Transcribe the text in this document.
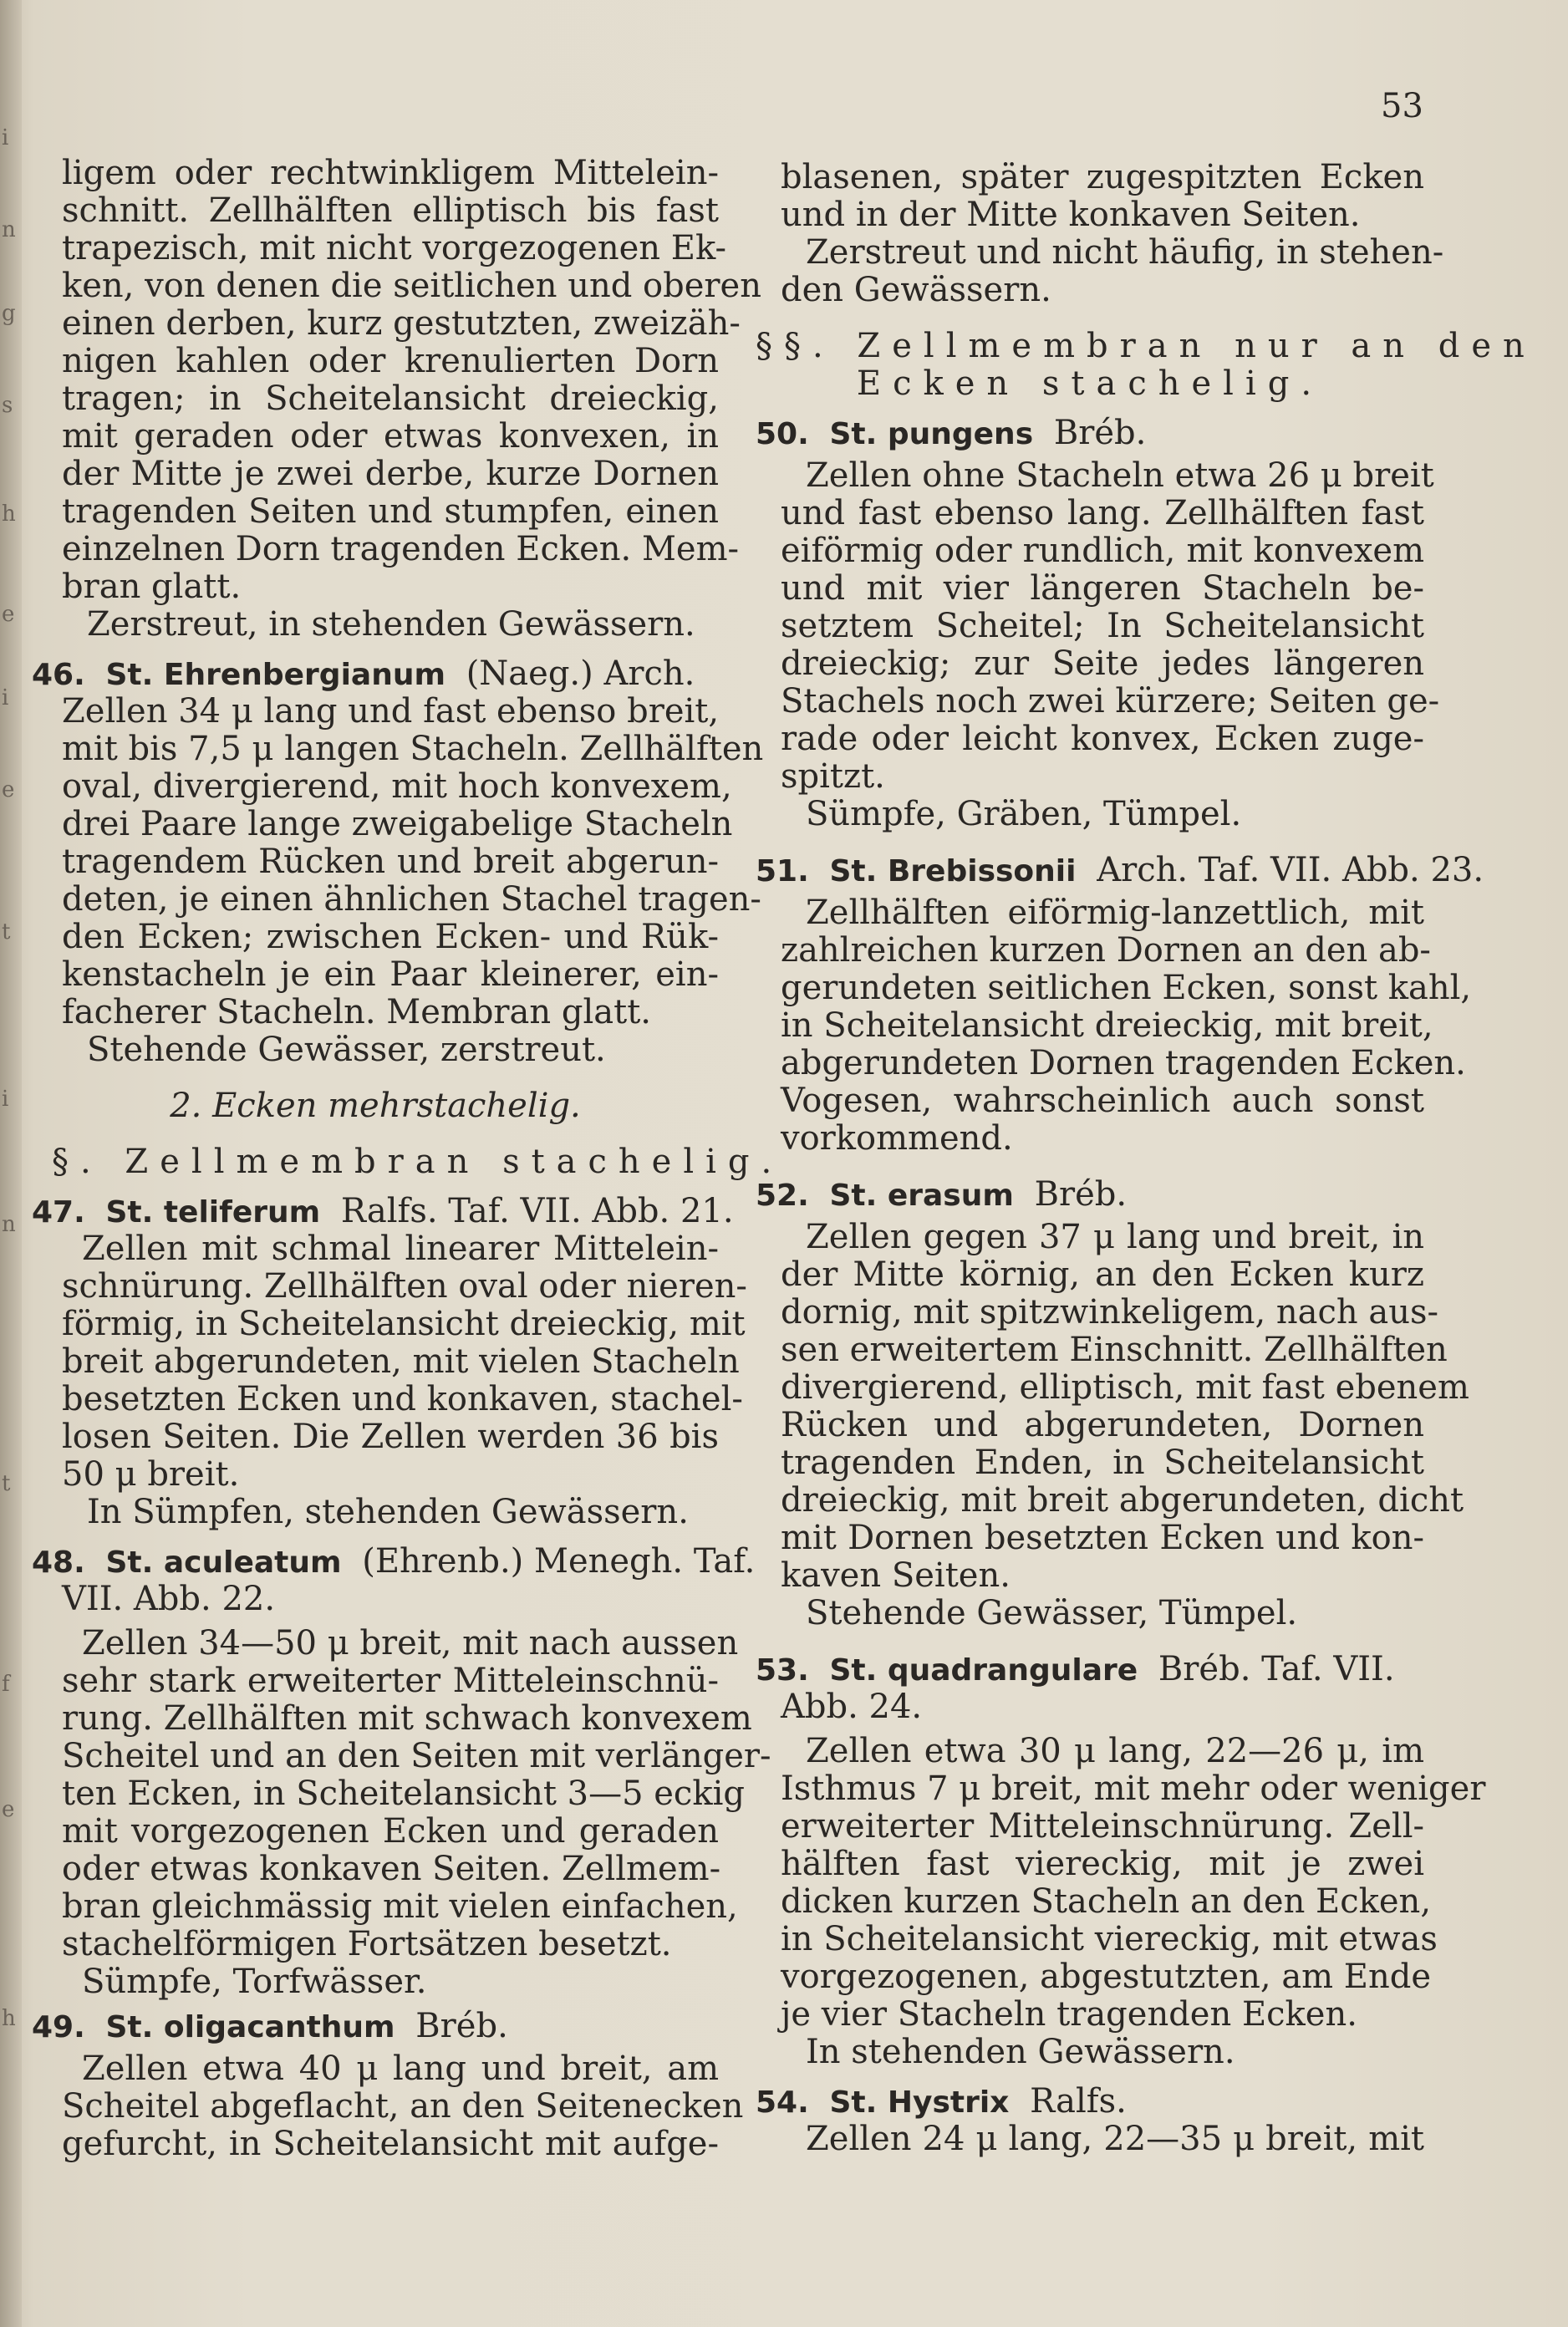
i
n
g
s
h
e
i
e
t
i
n
t
f
e
h
53
ligem oder rechtwinkligem Mittelein-
schnitt. Zellhälften elliptisch bis fast
trapezisch, mit nicht vorgezogenen Ek-
ken, von denen die seitlichen und oberen
einen derben, kurz gestutzten, zweizäh-
nigen kahlen oder krenulierten Dorn
tragen; in Scheitelansicht dreieckig,
mit geraden oder etwas konvexen, in
der Mitte je zwei derbe, kurze Dornen
tragenden Seiten und stumpfen, einen
einzelnen Dorn tragenden Ecken. Mem-
bran glatt.
Zerstreut, in stehenden Gewässern.
46. St. Ehrenbergianum (Naeg.) Arch.
Zellen 34 μ lang und fast ebenso breit,
mit bis 7,5 μ langen Stacheln. Zellhälften
oval, divergierend, mit hoch konvexem,
drei Paare lange zweigabelige Stacheln
tragendem Rücken und breit abgerun-
deten, je einen ähnlichen Stachel tragen-
den Ecken; zwischen Ecken- und Rük-
kenstacheln je ein Paar kleinerer, ein-
facherer Stacheln. Membran glatt.
Stehende Gewässer, zerstreut.
2. Ecken mehrstachelig.
§. Zellmembran stachelig.
47. St. teliferum Ralfs. Taf. VII. Abb. 21.
Zellen mit schmal linearer Mittelein-
schnürung. Zellhälften oval oder nieren-
förmig, in Scheitelansicht dreieckig, mit
breit abgerundeten, mit vielen Stacheln
besetzten Ecken und konkaven, stachel-
losen Seiten. Die Zellen werden 36 bis
50 μ breit.
In Sümpfen, stehenden Gewässern.
48. St. aculeatum (Ehrenb.) Menegh. Taf.
VII. Abb. 22.
Zellen 34—50 μ breit, mit nach aussen
sehr stark erweiterter Mitteleinschnü-
rung. Zellhälften mit schwach konvexem
Scheitel und an den Seiten mit verlänger-
ten Ecken, in Scheitelansicht 3—5 eckig
mit vorgezogenen Ecken und geraden
oder etwas konkaven Seiten. Zellmem-
bran gleichmässig mit vielen einfachen,
stachelförmigen Fortsätzen besetzt.
Sümpfe, Torfwässer.
49. St. oligacanthum Bréb.
Zellen etwa 40 μ lang und breit, am
Scheitel abgeflacht, an den Seitenecken
gefurcht, in Scheitelansicht mit aufge-
blasenen, später zugespitzten Ecken
und in der Mitte konkaven Seiten.
Zerstreut und nicht häufig, in stehen-
den Gewässern.
§§. Zellmembran nur an den
Ecken stachelig.
50. St. pungens Bréb.
Zellen ohne Stacheln etwa 26 μ breit
und fast ebenso lang. Zellhälften fast
eiförmig oder rundlich, mit konvexem
und mit vier längeren Stacheln be-
setztem Scheitel; In Scheitelansicht
dreieckig; zur Seite jedes längeren
Stachels noch zwei kürzere; Seiten ge-
rade oder leicht konvex, Ecken zuge-
spitzt.
Sümpfe, Gräben, Tümpel.
51. St. Brebissonii Arch. Taf. VII. Abb. 23.
Zellhälften eiförmig-lanzettlich, mit
zahlreichen kurzen Dornen an den ab-
gerundeten seitlichen Ecken, sonst kahl,
in Scheitelansicht dreieckig, mit breit,
abgerundeten Dornen tragenden Ecken.
Vogesen, wahrscheinlich auch sonst
vorkommend.
52. St. erasum Bréb.
Zellen gegen 37 μ lang und breit, in
der Mitte körnig, an den Ecken kurz
dornig, mit spitzwinkeligem, nach aus-
sen erweitertem Einschnitt. Zellhälften
divergierend, elliptisch, mit fast ebenem
Rücken und abgerundeten, Dornen
tragenden Enden, in Scheitelansicht
dreieckig, mit breit abgerundeten, dicht
mit Dornen besetzten Ecken und kon-
kaven Seiten.
Stehende Gewässer, Tümpel.
53. St. quadrangulare Bréb. Taf. VII.
Abb. 24.
Zellen etwa 30 μ lang, 22—26 μ, im
Isthmus 7 μ breit, mit mehr oder weniger
erweiterter Mitteleinschnürung. Zell-
hälften fast viereckig, mit je zwei
dicken kurzen Stacheln an den Ecken,
in Scheitelansicht viereckig, mit etwas
vorgezogenen, abgestutzten, am Ende
je vier Stacheln tragenden Ecken.
In stehenden Gewässern.
54. St. Hystrix Ralfs.
Zellen 24 μ lang, 22—35 μ breit, mit
